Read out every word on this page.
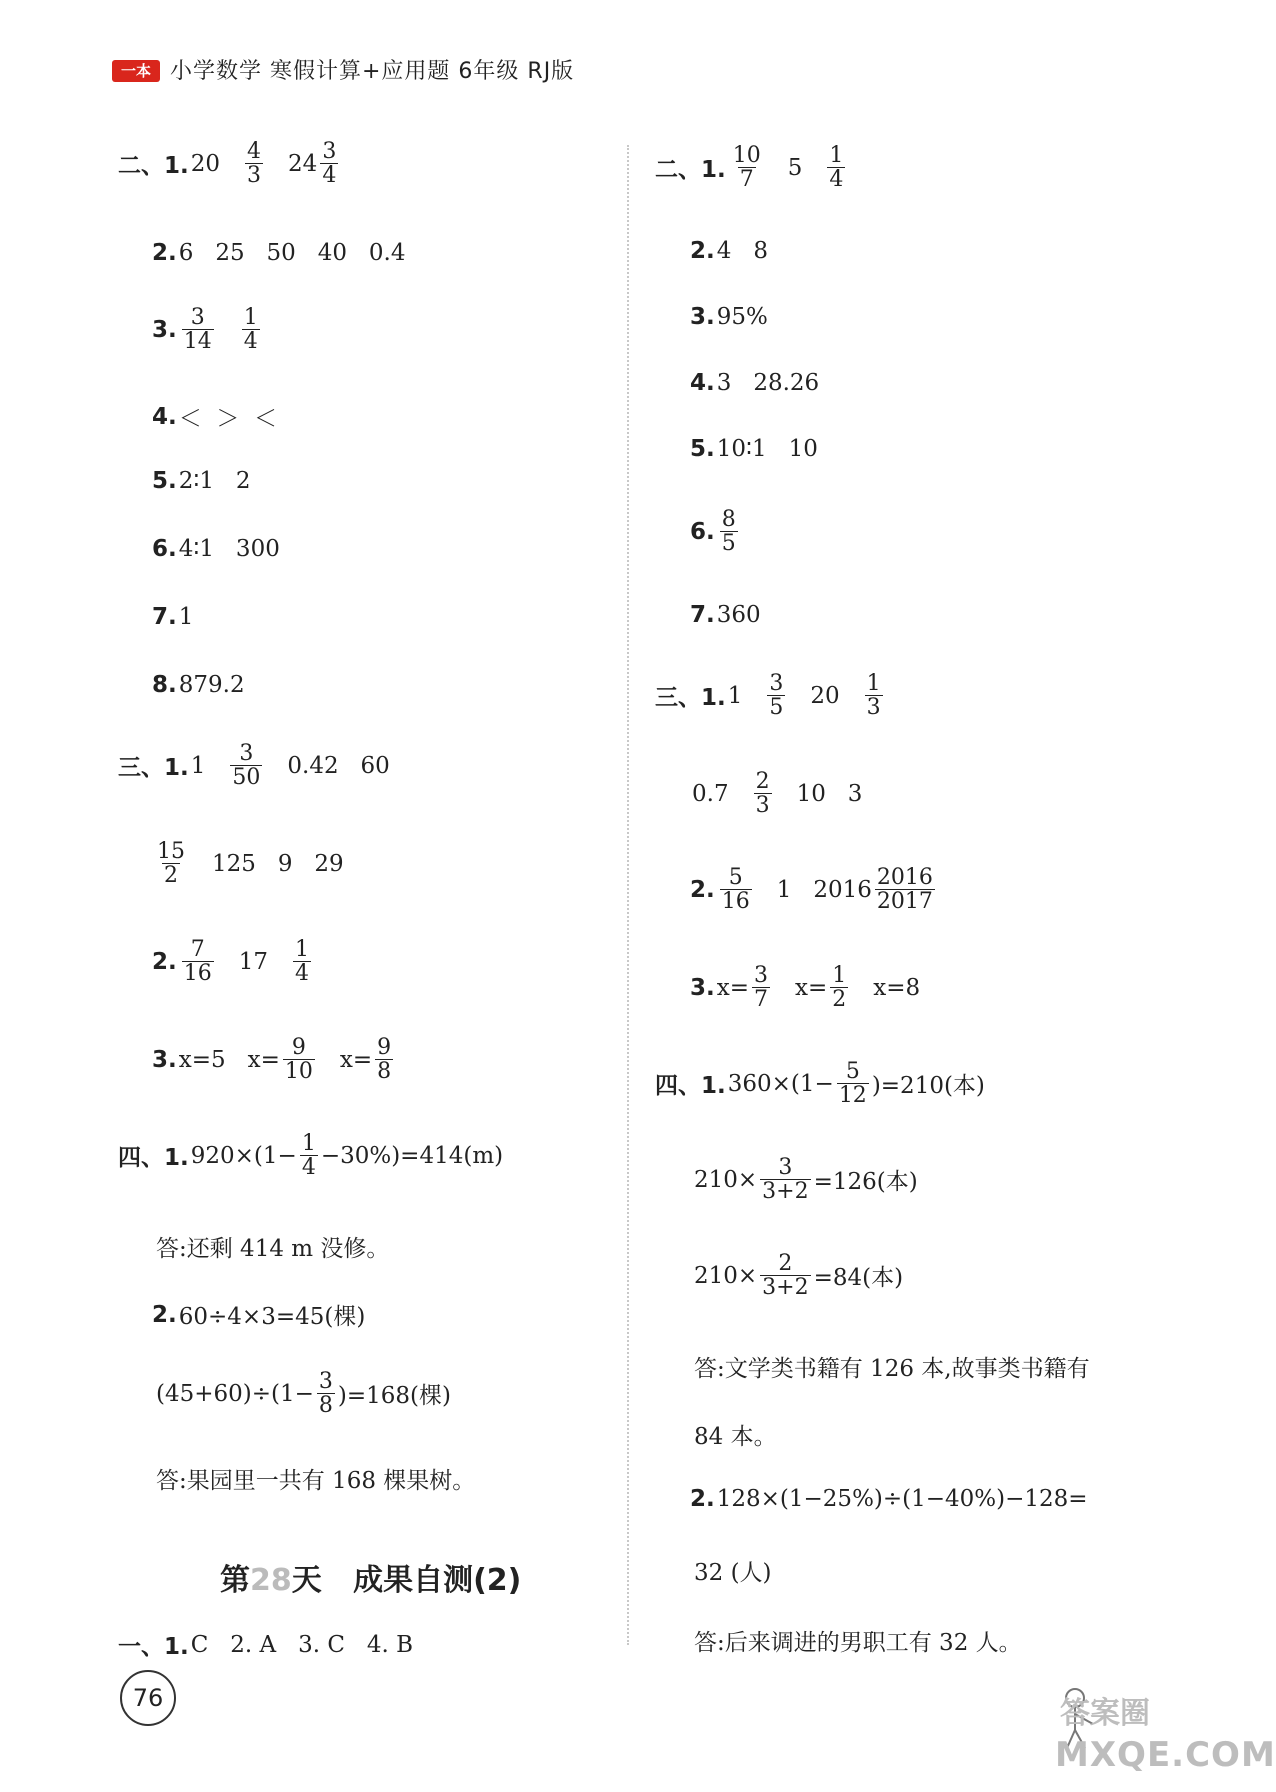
一本 小学数学 寒假计算+应用题 6年级 RJ版
二、1. $20 \frac{4}{3} 24 \frac{3}{4}$
2. 6   25   50   40   0.4
3. $\frac{3}{14} \frac{1}{4}$
4. ＜  ＞  ＜
5. 2∶1   2
6. 4∶1   300
7. 1
8. 879.2
三、1. $1 \frac{3}{50} 0.42$   60
$\frac{15}{2} 125$   9   29
2. $\frac{7}{16} 17 \frac{1}{4}$
3. x=5 $x= \frac{9}{10} x= \frac{9}{8}$
四、1. $920\times(1- \frac{1}{4} -30\%)=414(m)$
答:还剩 414 m 没修。
2. 60÷4×3=45(棵)
$(45+60)\div(1- \frac{3}{8} )=168$(棵)
答:果园里一共有 168 棵果树。
第28天   成果自测(2)
一、1. C   2. A   3. C   4. B
二、1. $\frac{10}{7} 5 \frac{1}{4}$
2. 4   8
3. 95%
4. 3   28.26
5. 10∶1   10
6. $\frac{8}{5}$
7. 360
三、1. $1 \frac{3}{5} 20 \frac{1}{3}$
$0.7 \frac{2}{3} 10$   3
2. $\frac{5}{16} 1$   $2016 \frac{2016}{2017}$
3. $x= \frac{3}{7} x= \frac{1}{2} x=8$
四、1. $360\times(1- \frac{5}{12} )=210$(本)
$210\times \frac{3}{3+2} =126$(本)
$210\times \frac{2}{3+2} =84$(本)
答:文学类书籍有 126 本,故事类书籍有
84 本。
2. 128×(1−25%)÷(1−40%)−128=
32 (人)
答:后来调进的男职工有 32 人。
76	答案圈
MXQE.COM
